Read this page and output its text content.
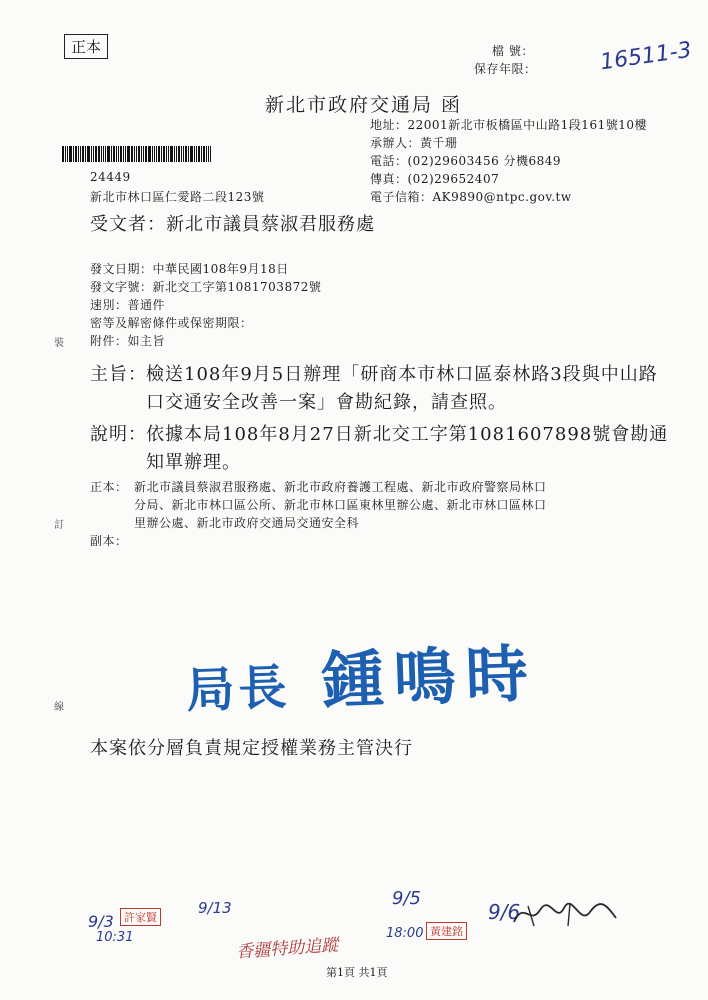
正本	檔 號：
保存年限：	16511-3
新北市政府交通局 函
地址：22001新北市板橋區中山路1段161號10樓
承辦人：黃千珊
電話：(02)29603456 分機6849
傳真：(02)29652407
電子信箱：AK9890@ntpc.gov.tw
24449
新北市林口區仁愛路二段123號
受文者：新北市議員蔡淑君服務處
發文日期：中華民國108年9月18日
發文字號：新北交工字第1081703872號
速別：普通件
密等及解密條件或保密期限：
附件：如主旨
主旨： 檢送108年9月5日辦理「研商本市林口區泰林路3段與中山路
口交通安全改善一案」會勘紀錄，請查照。
說明： 依據本局108年8月27日新北交工字第1081607898號會勘通
知單辦理。
正本： 新北市議員蔡淑君服務處、新北市政府養護工程處、新北市政府警察局林口
分局、新北市林口區公所、新北市林口區東林里辦公處、新北市林口區林口
里辦公處、新北市政府交通局交通安全科
副本：
局長 鍾鳴時
本案依分層負責規定授權業務主管決行
裝
訂
線
9/3
10:31
許家賢
9/13
香疆特助追蹤
9/5
18:00 黃建銘
9/6
第1頁 共1頁
